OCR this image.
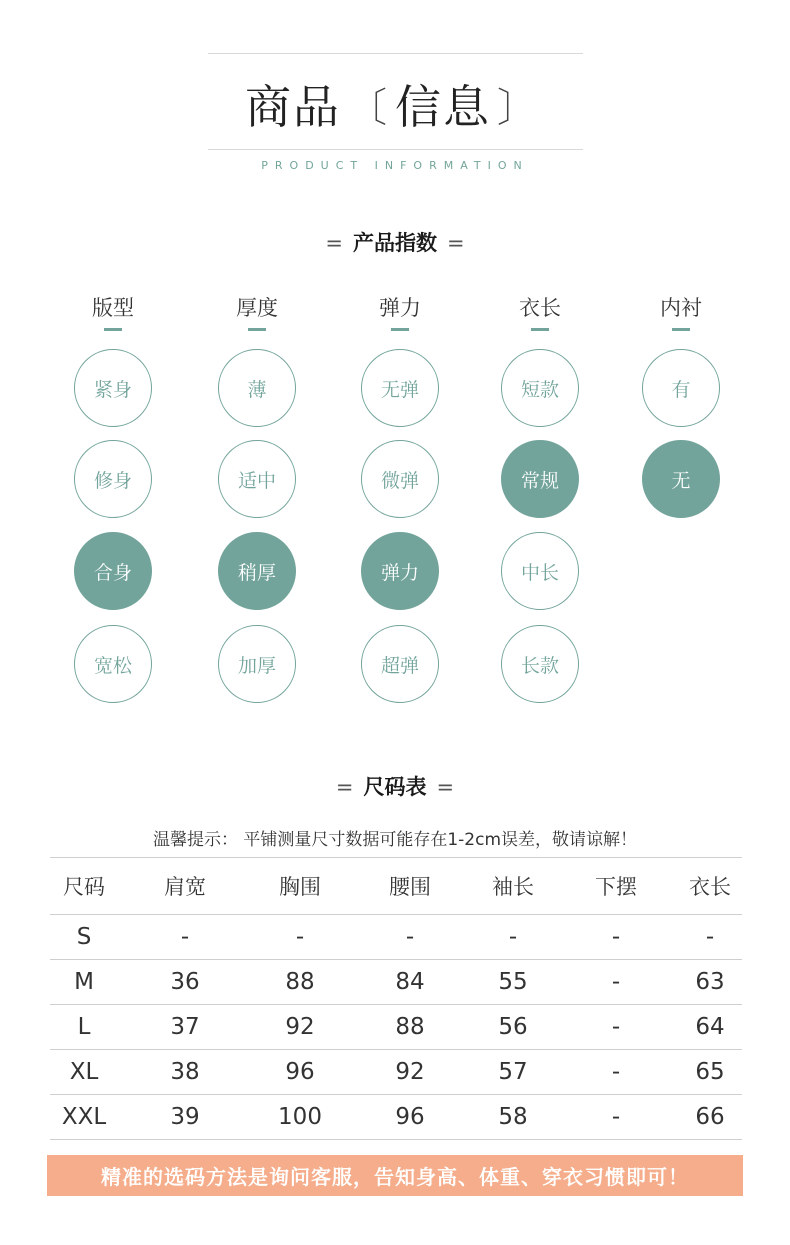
商品 〔 信息 〕
PRODUCT INFORMATION
= 产品指数 =
版型
紧身
修身
合身
宽松
厚度
薄
适中
稍厚
加厚
弹力
无弹
微弹
弹力
超弹
衣长
短款
常规
中长
长款
内衬
有
无
= 尺码表 =
温馨提示： 平铺测量尺寸数据可能存在1-2cm误差，敬请谅解！
尺码	肩宽	胸围	腰围	袖长	下摆	衣长
S	-	-	-	-	-	-
M	36	88	84	55	-	63
L	37	92	88	56	-	64
XL	38	96	92	57	-	65
XXL	39	100	96	58	-	66
精准的选码方法是询问客服，告知身高、体重、穿衣习惯即可！
